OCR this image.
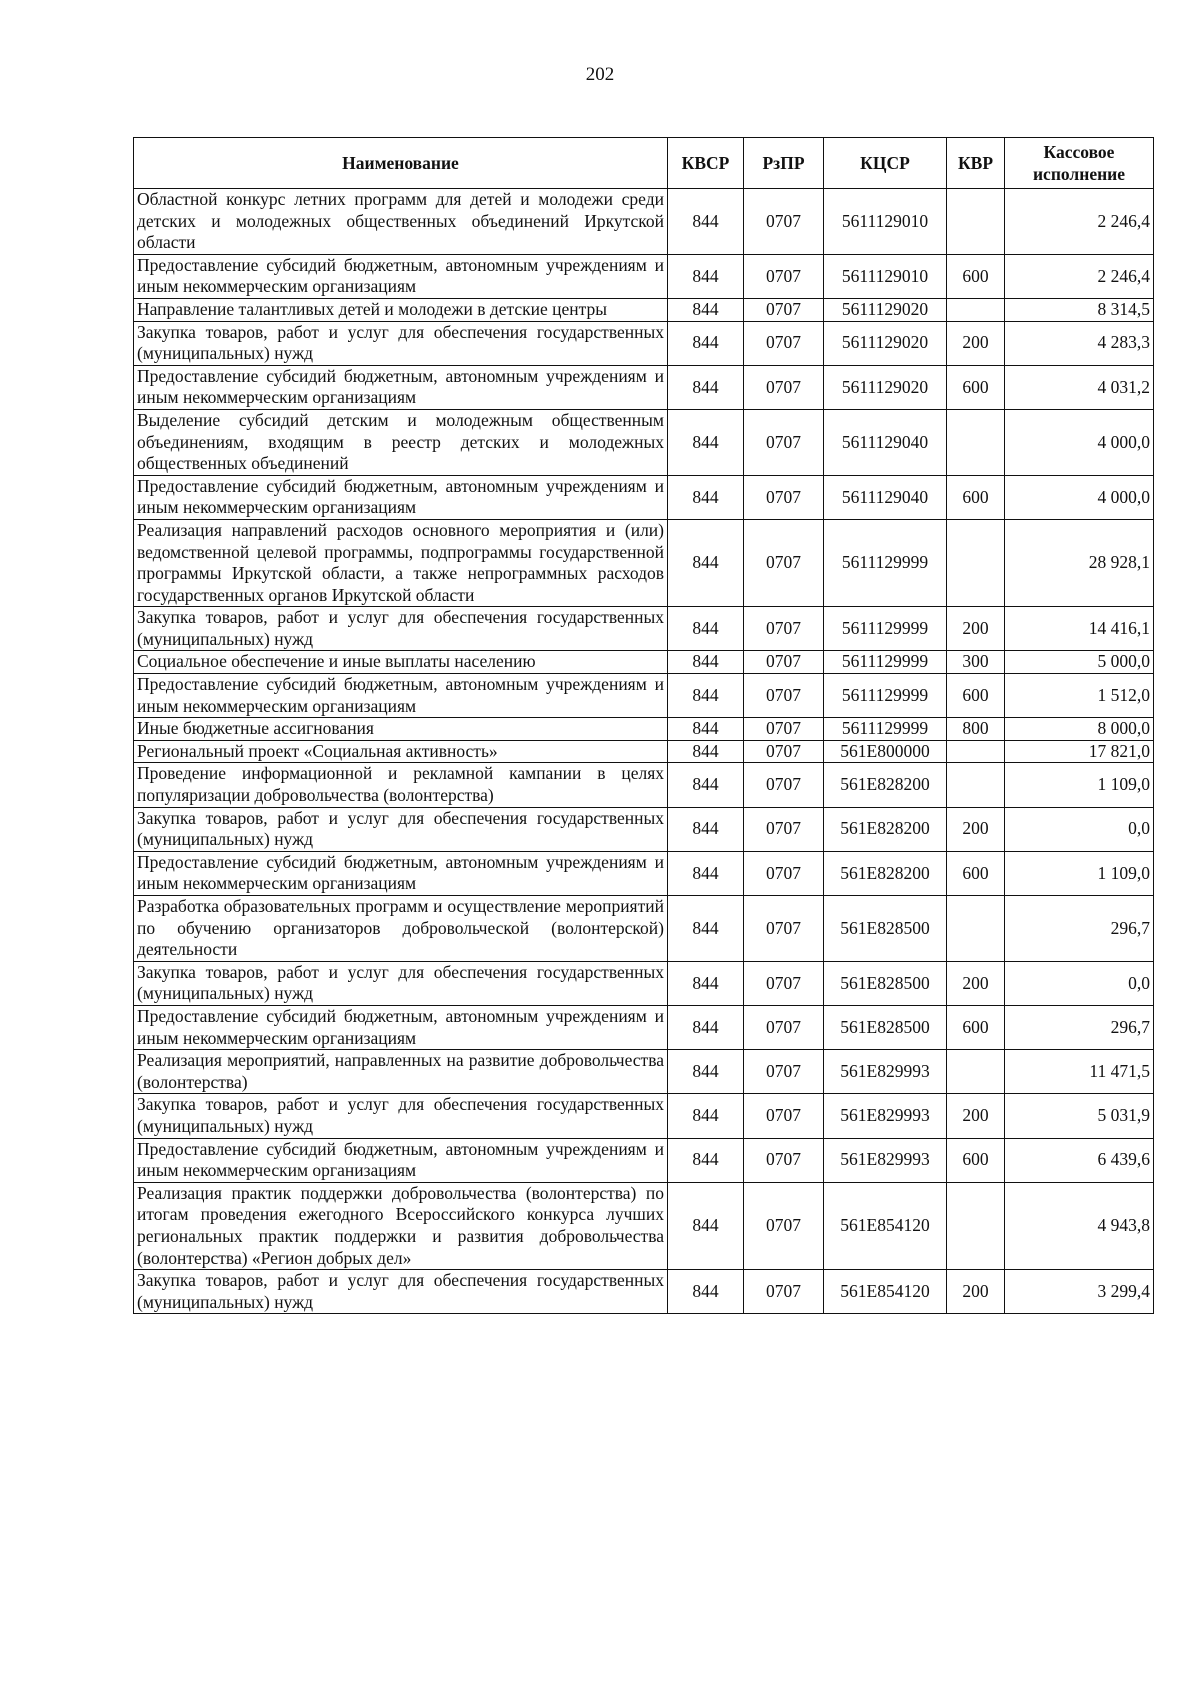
202
Наименование	КВСР	РзПР	КЦСР	КВР	Кассовое исполнение
Областной конкурс летних программ для детей и молодежи среди детских и молодежных общественных объединений Иркутской области	844	0707	5611129010		2 246,4
Предоставление субсидий бюджетным, автономным учреждениям и иным некоммерческим организациям	844	0707	5611129010	600	2 246,4
Направление талантливых детей и молодежи в детские центры	844	0707	5611129020		8 314,5
Закупка товаров, работ и услуг для обеспечения государственных (муниципальных) нужд	844	0707	5611129020	200	4 283,3
Предоставление субсидий бюджетным, автономным учреждениям и иным некоммерческим организациям	844	0707	5611129020	600	4 031,2
Выделение субсидий детским и молодежным общественным объединениям, входящим в реестр детских и молодежных общественных объединений	844	0707	5611129040		4 000,0
Предоставление субсидий бюджетным, автономным учреждениям и иным некоммерческим организациям	844	0707	5611129040	600	4 000,0
Реализация направлений расходов основного мероприятия и (или) ведомственной целевой программы, подпрограммы государственной программы Иркутской области, а также непрограммных расходов государственных органов Иркутской области	844	0707	5611129999		28 928,1
Закупка товаров, работ и услуг для обеспечения государственных (муниципальных) нужд	844	0707	5611129999	200	14 416,1
Социальное обеспечение и иные выплаты населению	844	0707	5611129999	300	5 000,0
Предоставление субсидий бюджетным, автономным учреждениям и иным некоммерческим организациям	844	0707	5611129999	600	1 512,0
Иные бюджетные ассигнования	844	0707	5611129999	800	8 000,0
Региональный проект «Социальная активность»	844	0707	561E800000		17 821,0
Проведение информационной и рекламной кампании в целях популяризации добровольчества (волонтерства)	844	0707	561E828200		1 109,0
Закупка товаров, работ и услуг для обеспечения государственных (муниципальных) нужд	844	0707	561E828200	200	0,0
Предоставление субсидий бюджетным, автономным учреждениям и иным некоммерческим организациям	844	0707	561E828200	600	1 109,0
Разработка образовательных программ и осуществление мероприятий по обучению организаторов добровольческой (волонтерской) деятельности	844	0707	561E828500		296,7
Закупка товаров, работ и услуг для обеспечения государственных (муниципальных) нужд	844	0707	561E828500	200	0,0
Предоставление субсидий бюджетным, автономным учреждениям и иным некоммерческим организациям	844	0707	561E828500	600	296,7
Реализация мероприятий, направленных на развитие добровольчества (волонтерства)	844	0707	561E829993		11 471,5
Закупка товаров, работ и услуг для обеспечения государственных (муниципальных) нужд	844	0707	561E829993	200	5 031,9
Предоставление субсидий бюджетным, автономным учреждениям и иным некоммерческим организациям	844	0707	561E829993	600	6 439,6
Реализация практик поддержки добровольчества (волонтерства) по итогам проведения ежегодного Всероссийского конкурса лучших региональных практик поддержки и развития добровольчества (волонтерства) «Регион добрых дел»	844	0707	561E854120		4 943,8
Закупка товаров, работ и услуг для обеспечения государственных (муниципальных) нужд	844	0707	561E854120	200	3 299,4
